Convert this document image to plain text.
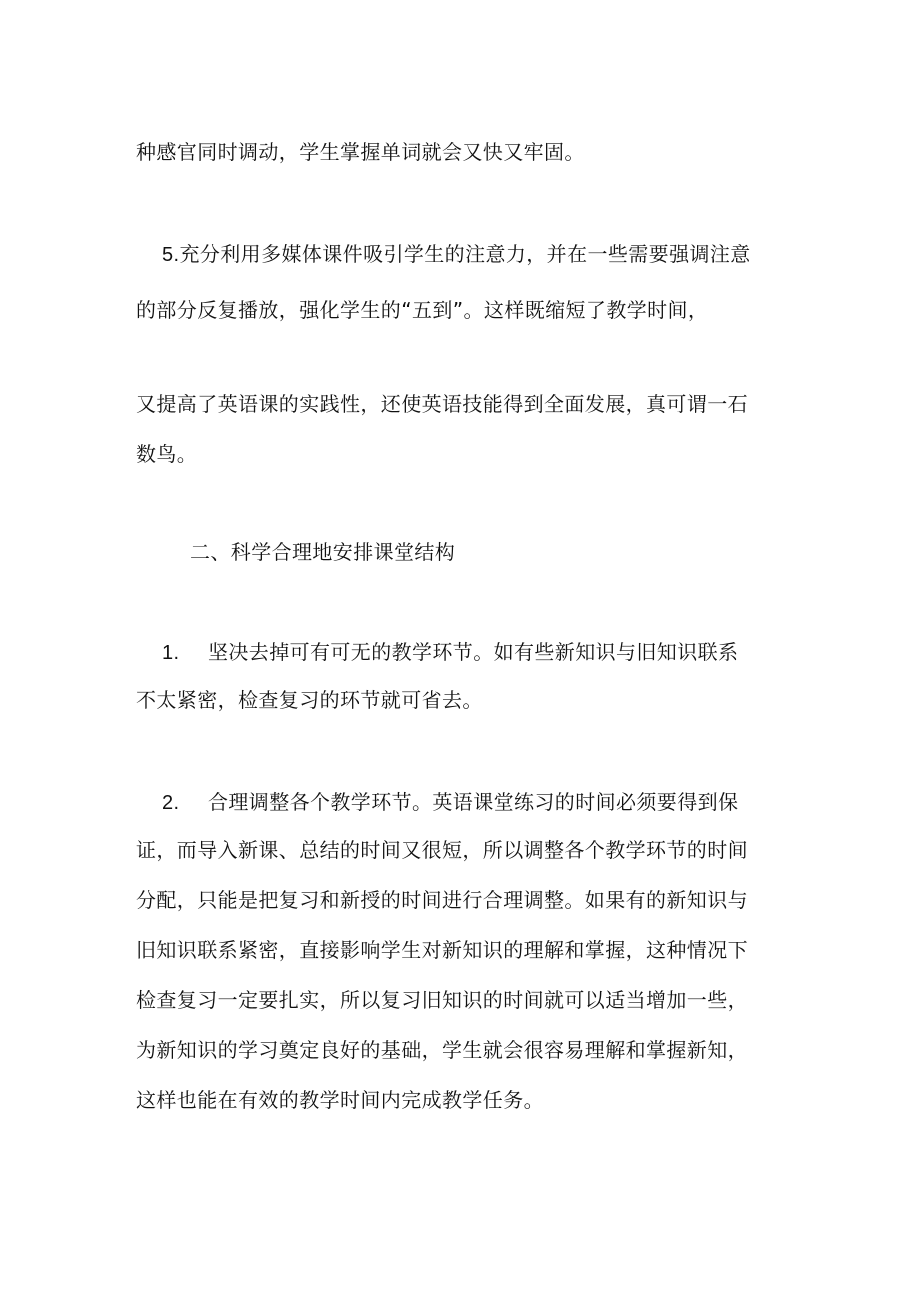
种感官同时调动，学生掌握单词就会又快又牢固。
5.充分利用多媒体课件吸引学生的注意力，并在一些需要强调注意
的部分反复播放，强化学生的“五到”。这样既缩短了教学时间，
又提高了英语课的实践性，还使英语技能得到全面发展，真可谓一石
数鸟。
二、科学合理地安排课堂结构
1. 坚决去掉可有可无的教学环节。如有些新知识与旧知识联系
不太紧密，检查复习的环节就可省去。
2. 合理调整各个教学环节。英语课堂练习的时间必须要得到保
证，而导入新课、总结的时间又很短，所以调整各个教学环节的时间
分配，只能是把复习和新授的时间进行合理调整。如果有的新知识与
旧知识联系紧密，直接影响学生对新知识的理解和掌握，这种情况下
检查复习一定要扎实，所以复习旧知识的时间就可以适当增加一些，
为新知识的学习奠定良好的基础，学生就会很容易理解和掌握新知，
这样也能在有效的教学时间内完成教学任务。
